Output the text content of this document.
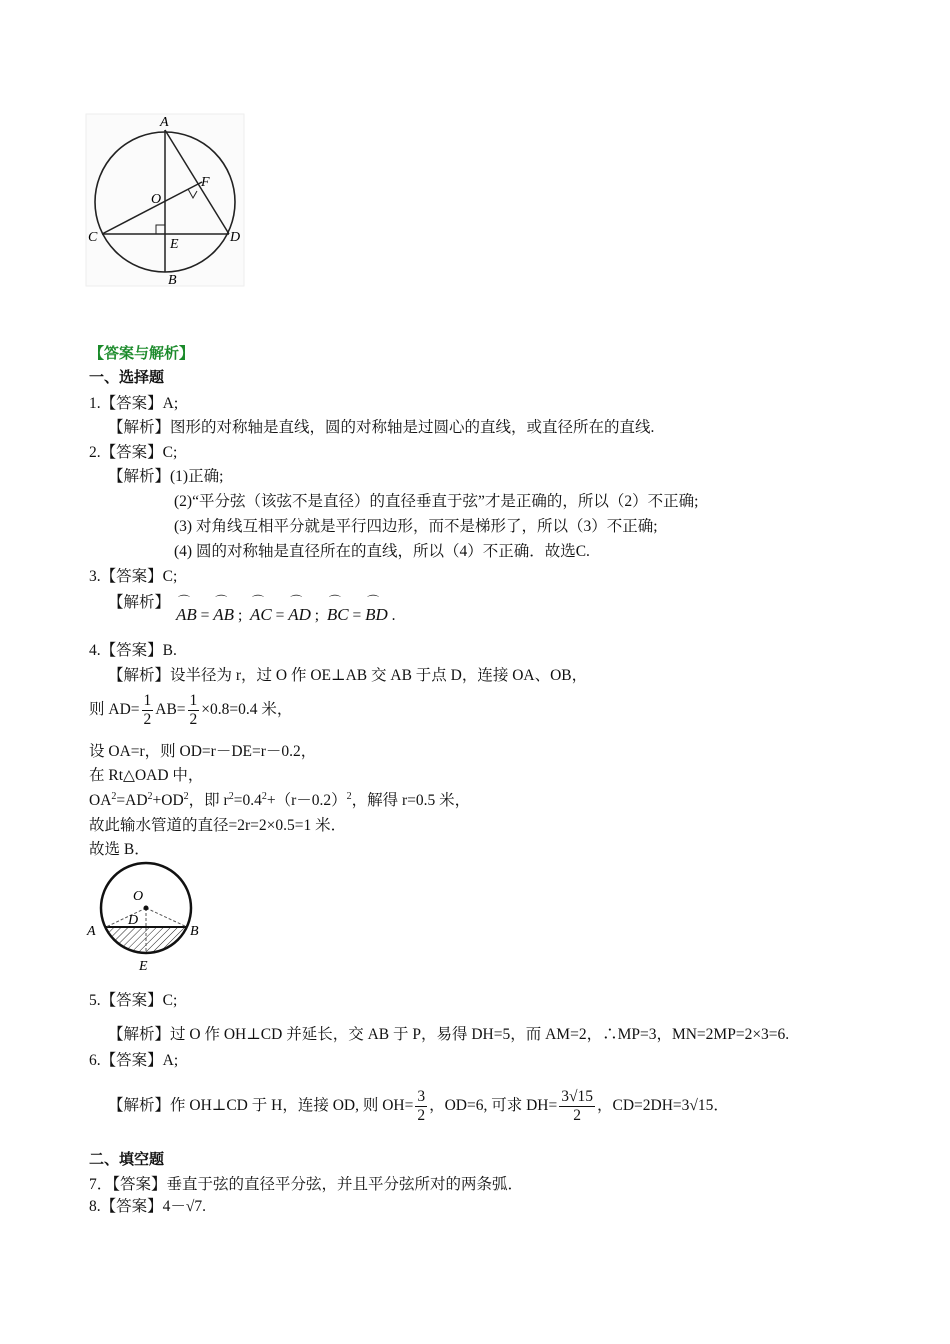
A
B
C	D
E
F
O
【答案与解析】
一、选择题
1.【答案】A;
【解析】图形的对称轴是直线，圆的对称轴是过圆心的直线，或直径所在的直线.
2.【答案】C;
【解析】(1)正确;
(2)“平分弦（该弦不是直径）的直径垂直于弦”才是正确的，所以（2）不正确;
(3) 对角线互相平分就是平行四边形，而不是梯形了，所以（3）不正确;
(4) 圆的对称轴是直径所在的直线，所以（4）不正确．故选C.
3.【答案】C;
【解析】
⌒ AB = ⌒ AB ;  ⌒ AC = ⌒ AD ;  ⌒ BC = ⌒ BD .
4.【答案】B.
【解析】设半径为 r，过 O 作 OE⊥AB 交 AB 于点 D，连接 OA、OB，
则 $AD= \frac{1}{2} AB= \frac{1}{2} \times 0.8=0.4$ 米，
设 OA=r，则 OD=r－DE=r－0.2，
在 Rt△OAD 中，
$OA^2=AD^2+OD^2$，即 $r^2=0.4^2+(r-0.2)^2$，解得 r=0.5 米，
故此输水管道的直径=2r=2×0.5=1 米．
故选 B．
O
D
A	B
E
5.【答案】C;
【解析】过 O 作 OH⊥CD 并延长，交 AB 于 P，易得 DH=5，而 AM=2，∴MP=3，MN=2MP=2×3=6.
6.【答案】A;
【解析】作 OH⊥CD 于 H，连接 OD, 则 $OH= \frac{3}{2}$ ，OD=6, 可求 $DH= \frac{3√15}{2}$ ，CD=2DH=3√15．
二、填空题
7．【答案】垂直于弦的直径平分弦，并且平分弦所对的两条弧．
8.【答案】4－√7.
